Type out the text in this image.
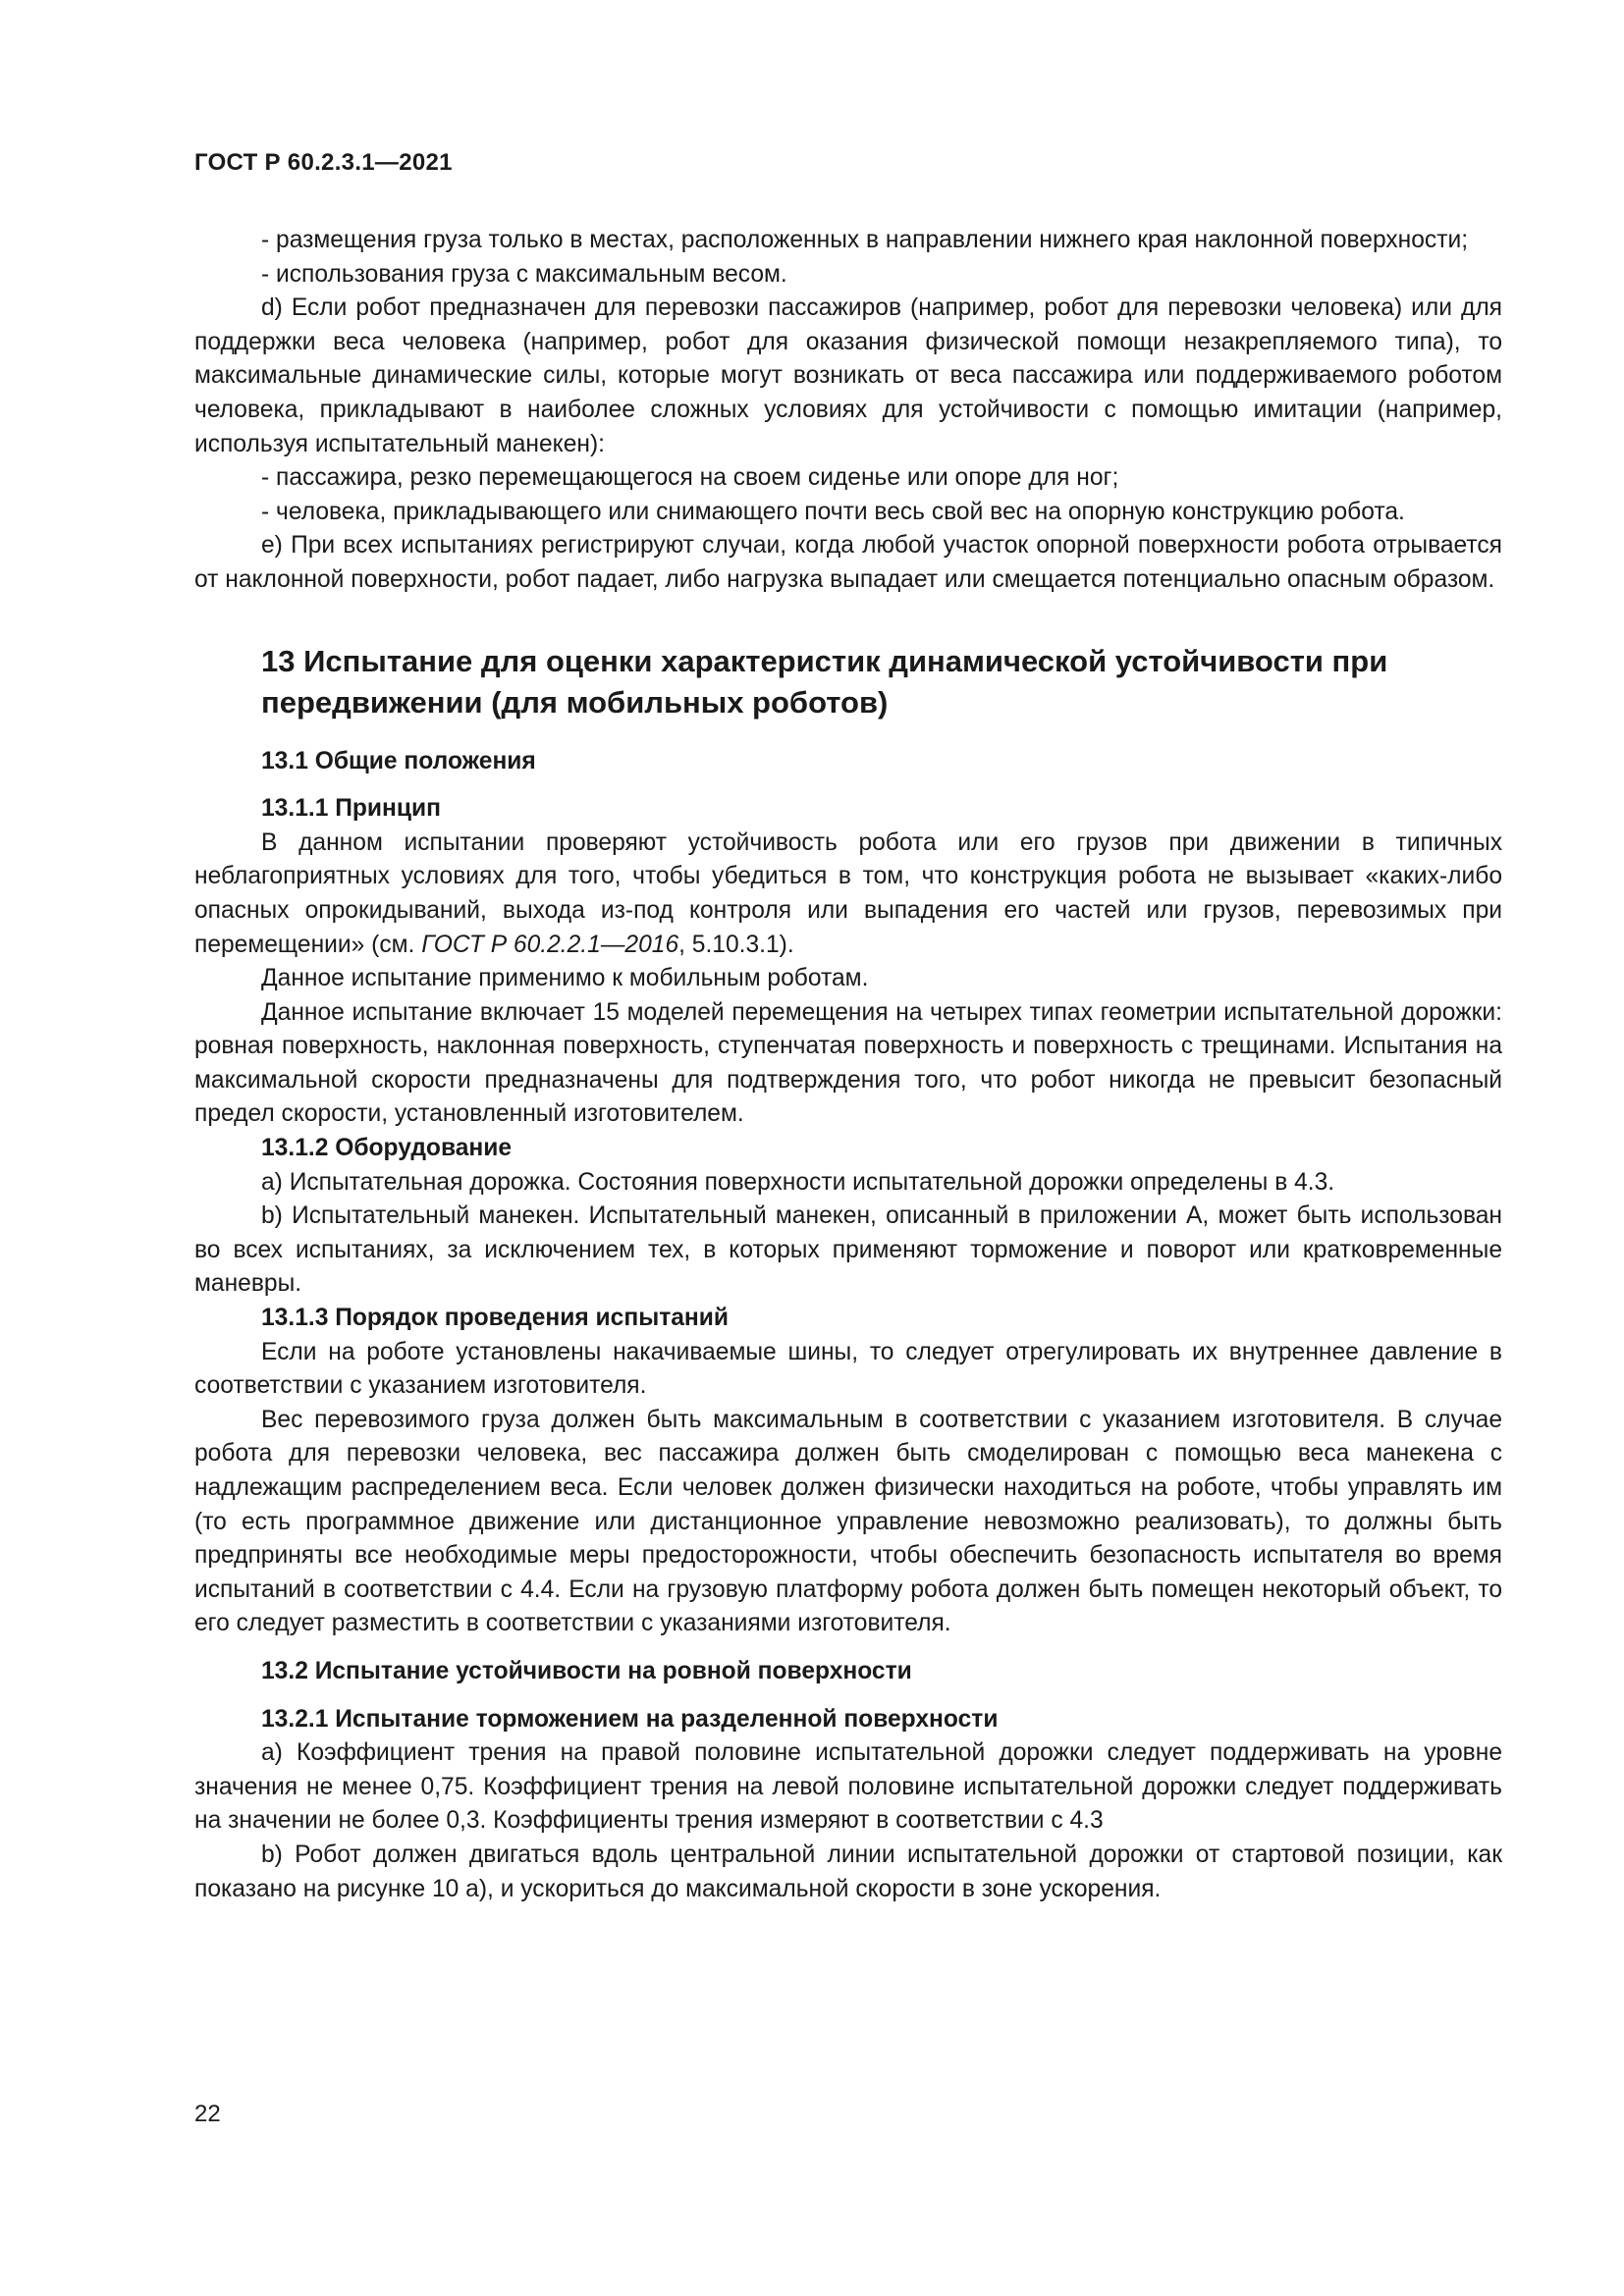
ГОСТ Р 60.2.3.1—2021

- размещения груза только в местах, расположенных в направлении нижнего края наклонной поверхности;

- использования груза с максимальным весом.

d) Если робот предназначен для перевозки пассажиров (например, робот для перевозки человека) или для поддержки веса человека (например, робот для оказания физической помощи незакрепляемого типа), то максимальные динамические силы, которые могут возникать от веса пассажира или поддерживаемого роботом человека, прикладывают в наиболее сложных условиях для устойчивости с помощью имитации (например, используя испытательный манекен):

- пассажира, резко перемещающегося на своем сиденье или опоре для ног;

- человека, прикладывающего или снимающего почти весь свой вес на опорную конструкцию робота.

e) При всех испытаниях регистрируют случаи, когда любой участок опорной поверхности робота отрывается от наклонной поверхности, робот падает, либо нагрузка выпадает или смещается потенциально опасным образом.

13 Испытание для оценки характеристик динамической устойчивости при передвижении (для мобильных роботов)

13.1 Общие положения

13.1.1 Принцип

В данном испытании проверяют устойчивость робота или его грузов при движении в типичных неблагоприятных условиях для того, чтобы убедиться в том, что конструкция робота не вызывает «каких-либо опасных опрокидываний, выхода из-под контроля или выпадения его частей или грузов, перевозимых при перемещении» (см. ГОСТ Р 60.2.2.1—2016, 5.10.3.1).

Данное испытание применимо к мобильным роботам.

Данное испытание включает 15 моделей перемещения на четырех типах геометрии испытательной дорожки: ровная поверхность, наклонная поверхность, ступенчатая поверхность и поверхность с трещинами. Испытания на максимальной скорости предназначены для подтверждения того, что робот никогда не превысит безопасный предел скорости, установленный изготовителем.

13.1.2 Оборудование

a) Испытательная дорожка. Состояния поверхности испытательной дорожки определены в 4.3.

b) Испытательный манекен. Испытательный манекен, описанный в приложении А, может быть использован во всех испытаниях, за исключением тех, в которых применяют торможение и поворот или кратковременные маневры.

13.1.3 Порядок проведения испытаний

Если на роботе установлены накачиваемые шины, то следует отрегулировать их внутреннее давление в соответствии с указанием изготовителя.

Вес перевозимого груза должен быть максимальным в соответствии с указанием изготовителя. В случае робота для перевозки человека, вес пассажира должен быть смоделирован с помощью веса манекена с надлежащим распределением веса. Если человек должен физически находиться на роботе, чтобы управлять им (то есть программное движение или дистанционное управление невозможно реализовать), то должны быть предприняты все необходимые меры предосторожности, чтобы обеспечить безопасность испытателя во время испытаний в соответствии с 4.4. Если на грузовую платформу робота должен быть помещен некоторый объект, то его следует разместить в соответствии с указаниями изготовителя.

13.2 Испытание устойчивости на ровной поверхности

13.2.1 Испытание торможением на разделенной поверхности

a) Коэффициент трения на правой половине испытательной дорожки следует поддерживать на уровне значения не менее 0,75. Коэффициент трения на левой половине испытательной дорожки следует поддерживать на значении не более 0,3. Коэффициенты трения измеряют в соответствии с 4.3

b) Робот должен двигаться вдоль центральной линии испытательной дорожки от стартовой позиции, как показано на рисунке 10 a), и ускориться до максимальной скорости в зоне ускорения.

22
